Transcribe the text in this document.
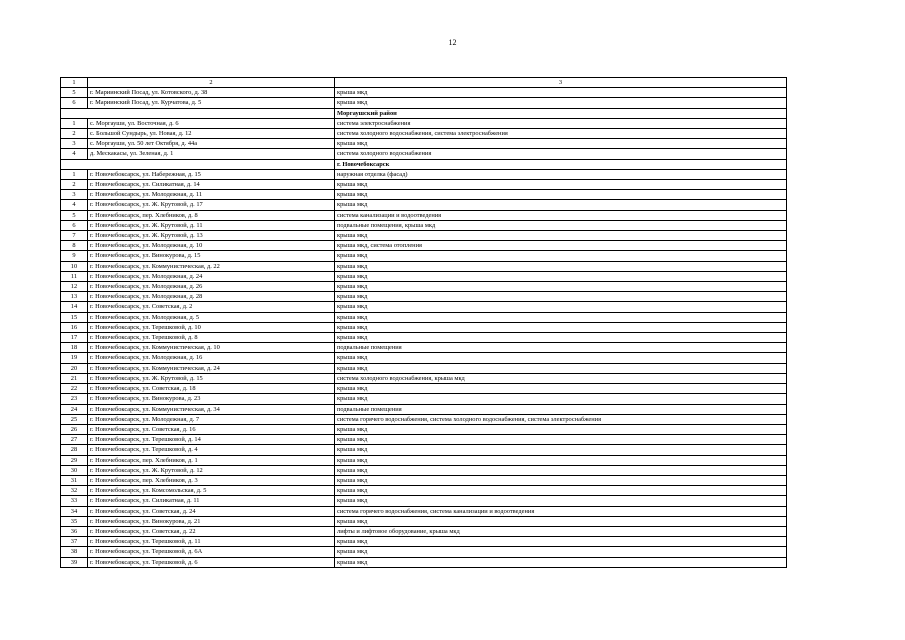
12
1	2	3
5	г. Мариинский Посад, ул. Котовского, д. 38	крыша мкд
6	г. Мариинский Посад, ул. Курчатова, д. 5	крыша мкд
		Моргаушский район
1	с. Моргауши, ул. Восточная, д. 6	система электроснабжения
2	с. Большой Сундырь, ул. Новая, д. 12	система холодного водоснабжения, система электроснабжения
3	с. Моргауши, ул. 50 лет Октября, д. 44а	крыша мкд
4	д. Мескакасы, ул. Зеленая, д. 1	система холодного водоснабжения
		г. Новочебоксарск
1	г. Новочебоксарск, ул. Набережная, д. 15	наружная отделка (фасад)
2	г. Новочебоксарск, ул. Силикатная, д. 14	крыша мкд
3	г. Новочебоксарск, ул. Молодежная, д. 11	крыша мкд
4	г. Новочебоксарск, ул. Ж. Крутовой, д. 17	крыша мкд
5	г. Новочебоксарск, пер. Хлебников, д. 8	система канализации и водоотведения
6	г. Новочебоксарск, ул. Ж. Крутовой, д. 11	подвальные помещения, крыша мкд
7	г. Новочебоксарск, ул. Ж. Крутовой, д. 13	крыша мкд
8	г. Новочебоксарск, ул. Молодежная, д. 10	крыша мкд, система отопления
9	г. Новочебоксарск, ул. Винокурова, д. 15	крыша мкд
10	г. Новочебоксарск, ул. Коммунистическая, д. 22	крыша мкд
11	г. Новочебоксарск, ул. Молодежная, д. 24	крыша мкд
12	г. Новочебоксарск, ул. Молодежная, д. 26	крыша мкд
13	г. Новочебоксарск, ул. Молодежная, д. 28	крыша мкд
14	г. Новочебоксарск, ул. Советская, д. 2	крыша мкд
15	г. Новочебоксарск, ул. Молодежная, д. 5	крыша мкд
16	г. Новочебоксарск, ул. Терешковой, д. 10	крыша мкд
17	г. Новочебоксарск, ул. Терешковой, д. 8	крыша мкд
18	г. Новочебоксарск, ул. Коммунистическая, д. 10	подвальные помещения
19	г. Новочебоксарск, ул. Молодежная, д. 16	крыша мкд
20	г. Новочебоксарск, ул. Коммунистическая, д. 24	крыша мкд
21	г. Новочебоксарск, ул. Ж. Крутовой, д. 15	система холодного водоснабжения, крыша мкд
22	г. Новочебоксарск, ул. Советская, д. 18	крыша мкд
23	г. Новочебоксарск, ул. Винокурова, д. 23	крыша мкд
24	г. Новочебоксарск, ул. Коммунистическая, д. 34	подвальные помещения
25	г. Новочебоксарск, ул. Молодежная, д. 7	система горячего водоснабжения, система холодного водоснабжения, система электроснабжения
26	г. Новочебоксарск, ул. Советская, д. 16	крыша мкд
27	г. Новочебоксарск, ул. Терешковой, д. 14	крыша мкд
28	г. Новочебоксарск, ул. Терешковой, д. 4	крыша мкд
29	г. Новочебоксарск, пер. Хлебников, д. 1	крыша мкд
30	г. Новочебоксарск, ул. Ж. Крутовой, д. 12	крыша мкд
31	г. Новочебоксарск, пер. Хлебников, д. 3	крыша мкд
32	г. Новочебоксарск, ул. Комсомольская, д. 5	крыша мкд
33	г. Новочебоксарск, ул. Силикатная, д. 11	крыша мкд
34	г. Новочебоксарск, ул. Советская, д. 24	система горячего водоснабжения, система канализации и водоотведения
35	г. Новочебоксарск, ул. Винокурова, д. 21	крыша мкд
36	г. Новочебоксарск, ул. Советская, д. 22	лифты и лифтовое оборудование, крыша мкд
37	г. Новочебоксарск, ул. Терешковой, д. 11	крыша мкд
38	г. Новочебоксарск, ул. Терешковой, д. 6А	крыша мкд
39	г. Новочебоксарск, ул. Терешковой, д. 6	крыша мкд
